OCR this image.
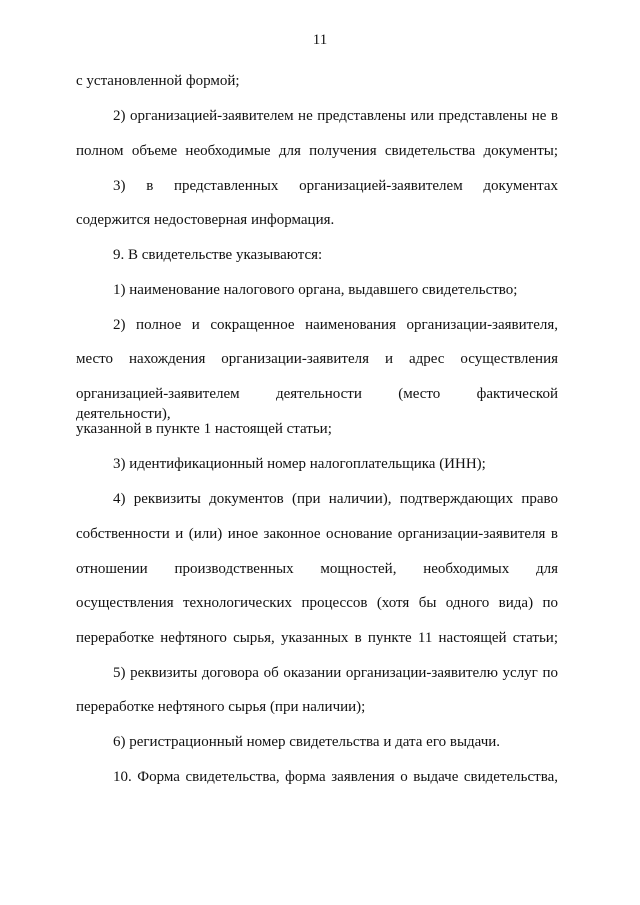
11
с установленной формой;
2) организацией-заявителем не представлены или представлены не в
полном объеме необходимые для получения свидетельства документы;
3) в представленных организацией-заявителем документах
содержится недостоверная информация.
9. В свидетельстве указываются:
1) наименование налогового органа, выдавшего свидетельство;
2) полное и сокращенное наименования организации-заявителя,
место нахождения организации-заявителя и адрес осуществления
организацией-заявителем деятельности (место фактической деятельности),
указанной в пункте 1 настоящей статьи;
3) идентификационный номер налогоплательщика (ИНН);
4) реквизиты документов (при наличии), подтверждающих право
собственности и (или) иное законное основание организации-заявителя в
отношении производственных мощностей, необходимых для
осуществления технологических процессов (хотя бы одного вида) по
переработке нефтяного сырья, указанных в пункте 11 настоящей статьи;
5) реквизиты договора об оказании организации-заявителю услуг по
переработке нефтяного сырья (при наличии);
6) регистрационный номер свидетельства и дата его выдачи.
10. Форма свидетельства, форма заявления о выдаче свидетельства,
